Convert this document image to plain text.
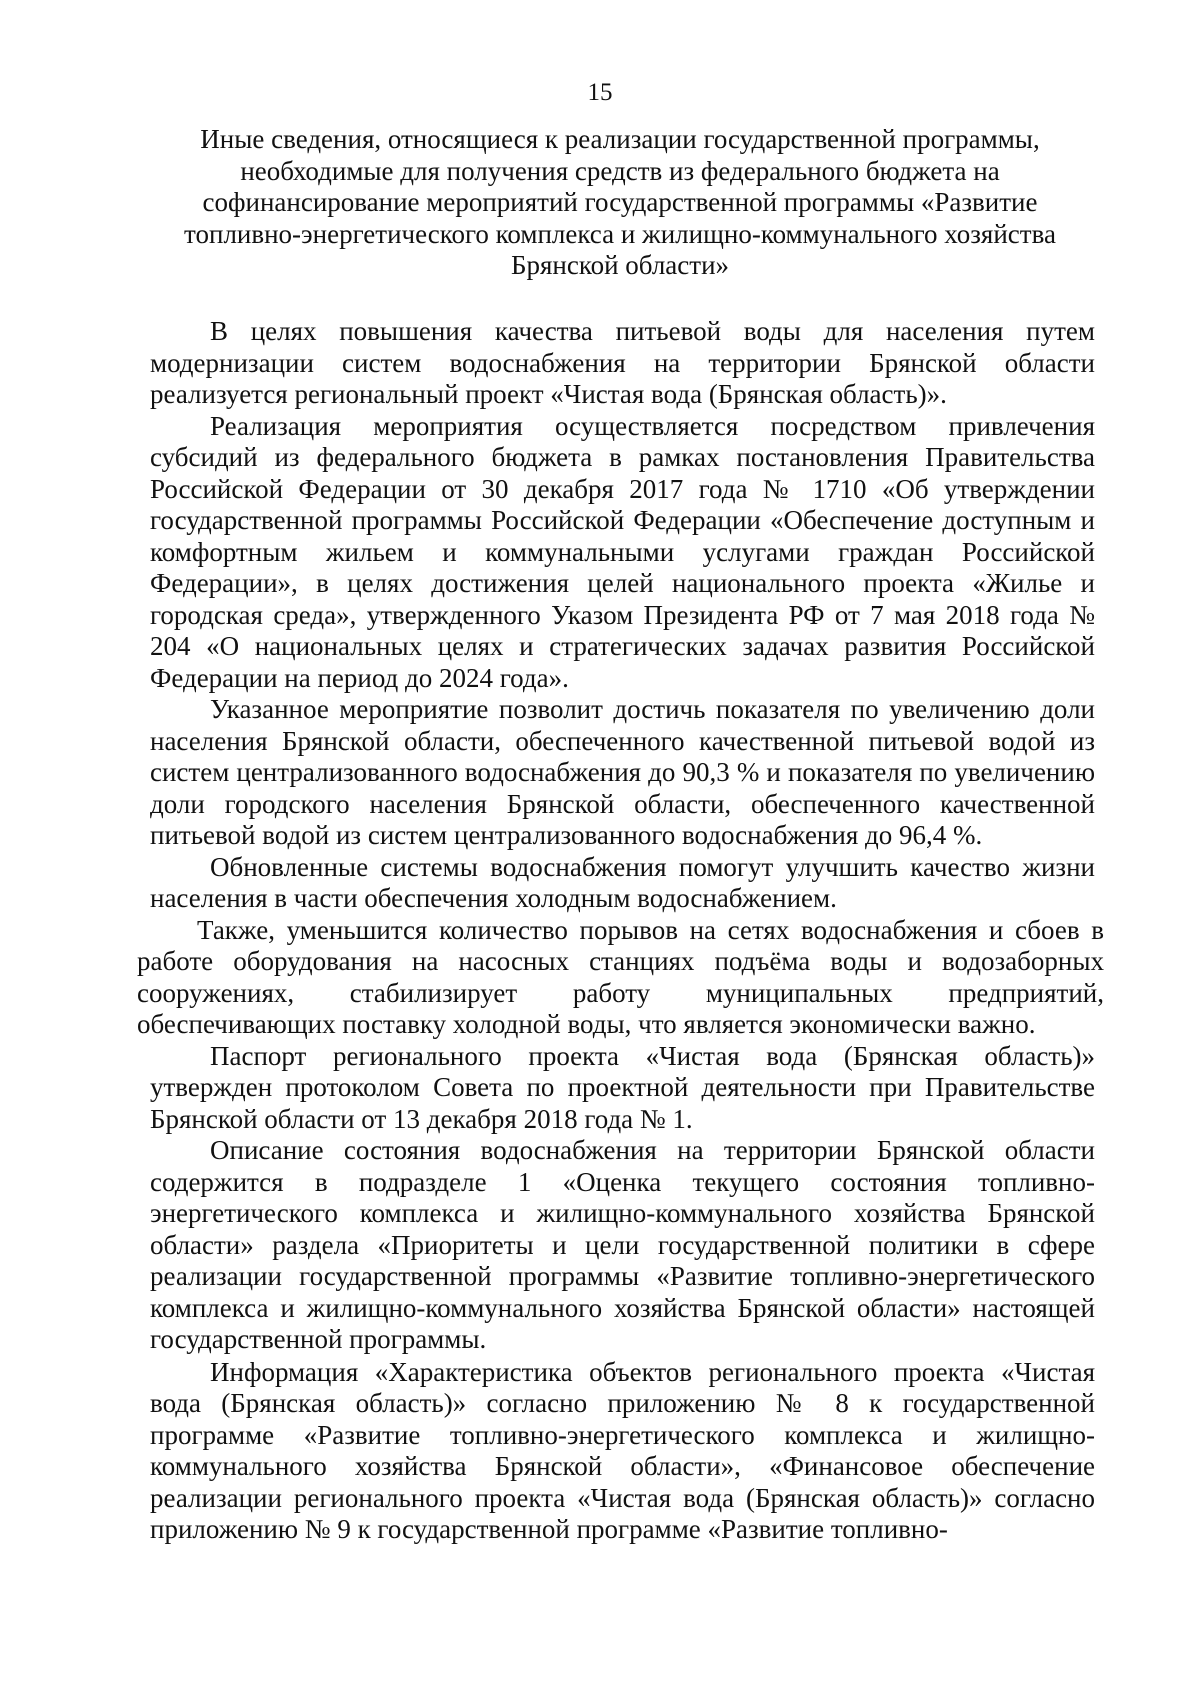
15
Иные сведения, относящиеся к реализации государственной программы,
необходимые для получения средств из федерального бюджета на
софинансирование мероприятий государственной программы «Развитие
топливно-энергетического комплекса и жилищно-коммунального хозяйства
Брянской области»

В целях повышения качества питьевой воды для населения путем модернизации систем водоснабжения на территории Брянской области реализуется региональный проект «Чистая вода (Брянская область)».

Реализация мероприятия осуществляется посредством привлечения субсидий из федерального бюджета в рамках постановления Правительства Российской Федерации от 30 декабря 2017 года № 1710 «Об утверждении государственной программы Российской Федерации «Обеспечение доступным и комфортным жильем и коммунальными услугами граждан Российской Федерации», в целях достижения целей национального проекта «Жилье и городская среда», утвержденного Указом Президента РФ от 7 мая 2018 года № 204 «О национальных целях и стратегических задачах развития Российской Федерации на период до 2024 года».

Указанное мероприятие позволит достичь показателя по увеличению доли населения Брянской области, обеспеченного качественной питьевой водой из систем централизованного водоснабжения до 90,3 % и показателя по увеличению доли городского населения Брянской области, обеспеченного качественной питьевой водой из систем централизованного водоснабжения до 96,4 %.

Обновленные системы водоснабжения помогут улучшить качество жизни населения в части обеспечения холодным водоснабжением.

Также, уменьшится количество порывов на сетях водоснабжения и сбоев в работе оборудования на насосных станциях подъёма воды и водозаборных сооружениях, стабилизирует работу муниципальных предприятий, обеспечивающих поставку холодной воды, что является экономически важно.

Паспорт регионального проекта «Чистая вода (Брянская область)» утвержден протоколом Совета по проектной деятельности при Правительстве Брянской области от 13 декабря 2018 года № 1.

Описание состояния водоснабжения на территории Брянской области содержится в подразделе 1 «Оценка текущего состояния топливно-энергетического комплекса и жилищно-коммунального хозяйства Брянской области» раздела «Приоритеты и цели государственной политики в сфере реализации государственной программы «Развитие топливно-энергетического комплекса и жилищно-коммунального хозяйства Брянской области» настоящей государственной программы.

Информация «Характеристика объектов регионального проекта «Чистая вода (Брянская область)» согласно приложению № 8 к государственной программе «Развитие топливно-энергетического комплекса и жилищно-коммунального хозяйства Брянской области», «Финансовое обеспечение реализации регионального проекта «Чистая вода (Брянская область)» согласно приложению № 9 к государственной программе «Развитие топливно-
